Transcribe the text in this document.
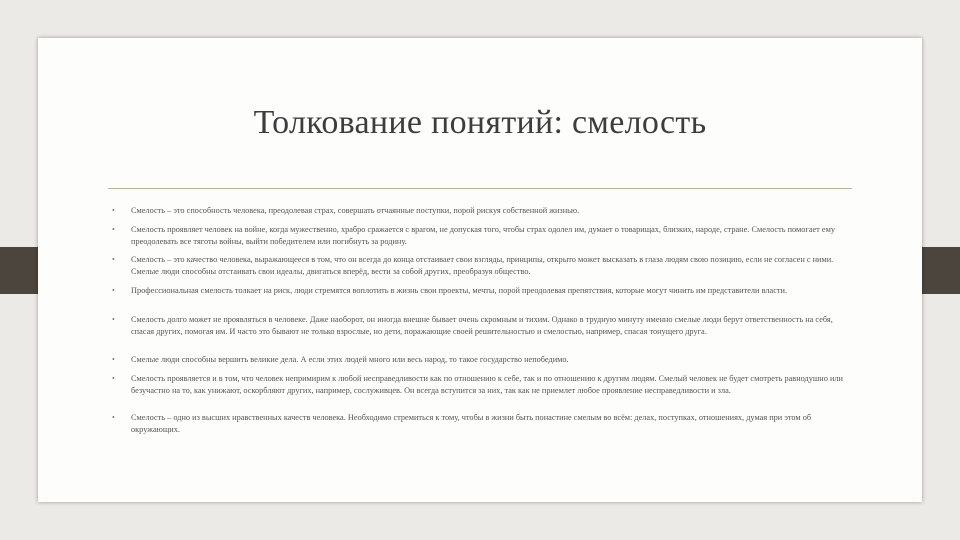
Толкование понятий: смелость
• Смелость – это способность человека, преодолевая страх, совершать отчаянные поступки, порой рискуя собственной жизнью.

• Смелость проявляет человек на войне, когда мужественно, храбро сражается с врагом, не допуская того, чтобы страх одолел им, думает о товарищах, близких, народе, стране. Смелость помогает ему преодолевать все тяготы войны, выйти победителем или погибнуть за родину.

• Смелость – это качество человека, выражающееся в том, что он всегда до конца отстаивает свои взгляды, принципы, открыто может высказать в глаза людям свою позицию, если не согласен с ними. Смелые люди способны отстаивать свои идеалы, двигаться вперёд, вести за собой других, преобразуя общество.

• Профессиональная смелость толкает на риск, люди стремятся воплотить в жизнь свои проекты, мечты, порой преодолевая препятствия, которые могут чинить им представители власти.

• Смелость долго может не проявляться в человеке. Даже наоборот, он иногда внешне бывает очень скромным и тихим. Однако в трудную минуту именно смелые люди берут ответственность на себя, спасая других, помогая им. И часто это бывают не только взрослые, но дети, поражающие своей решительностью и смелостью, например, спасая тонущего друга.

• Смелые люди способны вершить великие дела. А если этих людей много или весь народ, то такое государство непобедимо.

• Смелость проявляется и в том, что человек непримирим к любой несправедливости как по отношению к себе, так и по отношению к другим людям. Смелый человек не будет смотреть равнодушно или безучастно на то, как унижают, оскорбляют других, например, сослуживцев. Он всегда вступится за них, так как не приемлет любое проявление несправедливости и зла.

• Смелость – одно из высших нравственных качеств человека. Необходимо стремиться к тому, чтобы в жизни быть понастине смелым во всём: делах, поступках, отношениях, думая при этом об окружающих.
